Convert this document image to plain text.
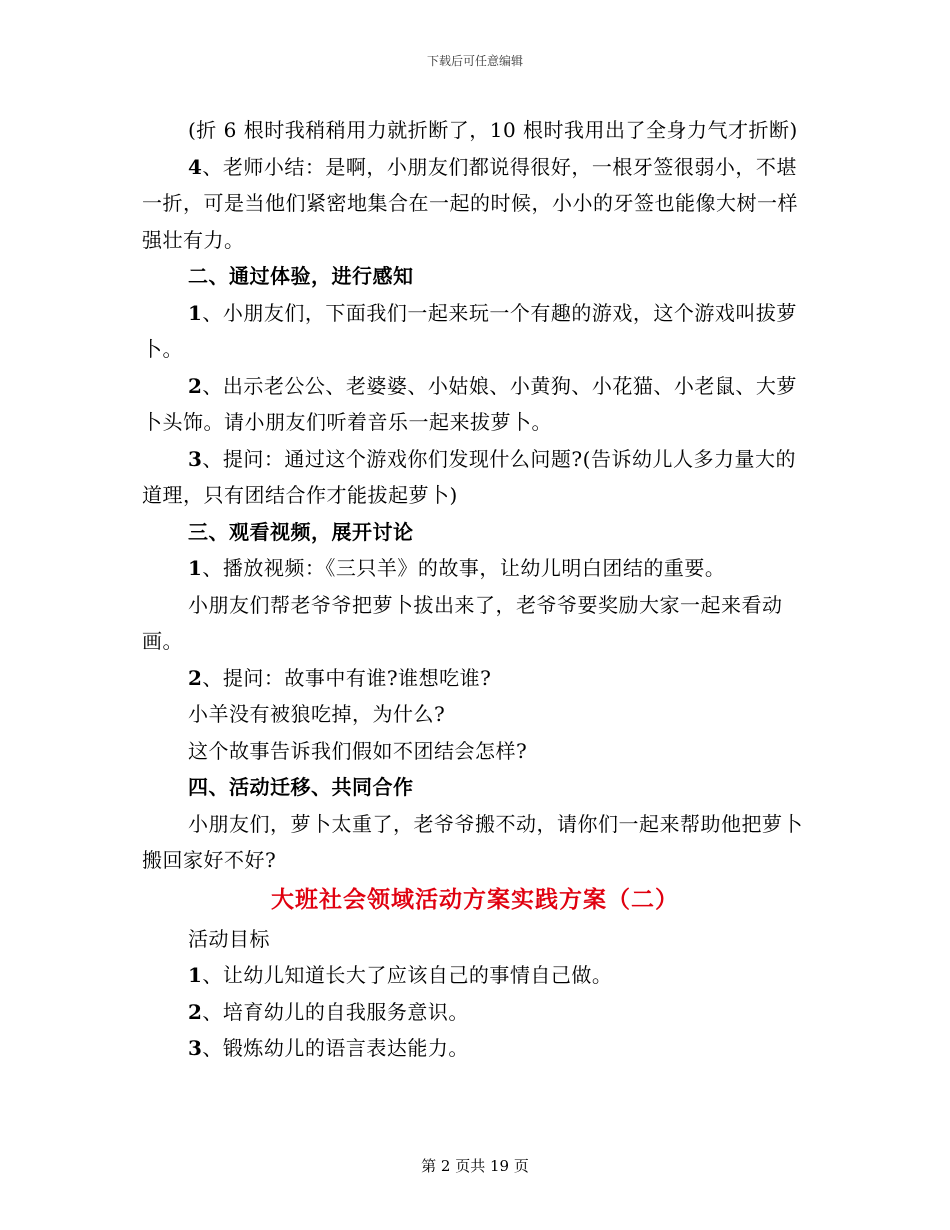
下载后可任意编辑

(折 6 根时我稍稍用力就折断了，10 根时我用出了全身力气才折断)

4、老师小结：是啊，小朋友们都说得很好，一根牙签很弱小，不堪一折，可是当他们紧密地集合在一起的时候，小小的牙签也能像大树一样强壮有力。

二、通过体验，进行感知

1、小朋友们，下面我们一起来玩一个有趣的游戏，这个游戏叫拔萝卜。

2、出示老公公、老婆婆、小姑娘、小黄狗、小花猫、小老鼠、大萝卜头饰。请小朋友们听着音乐一起来拔萝卜。

3、提问：通过这个游戏你们发现什么问题?(告诉幼儿人多力量大的道理，只有团结合作才能拔起萝卜)

三、观看视频，展开讨论

1、播放视频：《三只羊》的故事，让幼儿明白团结的重要。

小朋友们帮老爷爷把萝卜拔出来了，老爷爷要奖励大家一起来看动画。

2、提问：故事中有谁?谁想吃谁?

小羊没有被狼吃掉，为什么?

这个故事告诉我们假如不团结会怎样?

四、活动迁移、共同合作

小朋友们，萝卜太重了，老爷爷搬不动，请你们一起来帮助他把萝卜搬回家好不好?

大班社会领域活动方案实践方案（二）

活动目标

1、让幼儿知道长大了应该自己的事情自己做。

2、培育幼儿的自我服务意识。

3、锻炼幼儿的语言表达能力。

第 2 页共 19 页
